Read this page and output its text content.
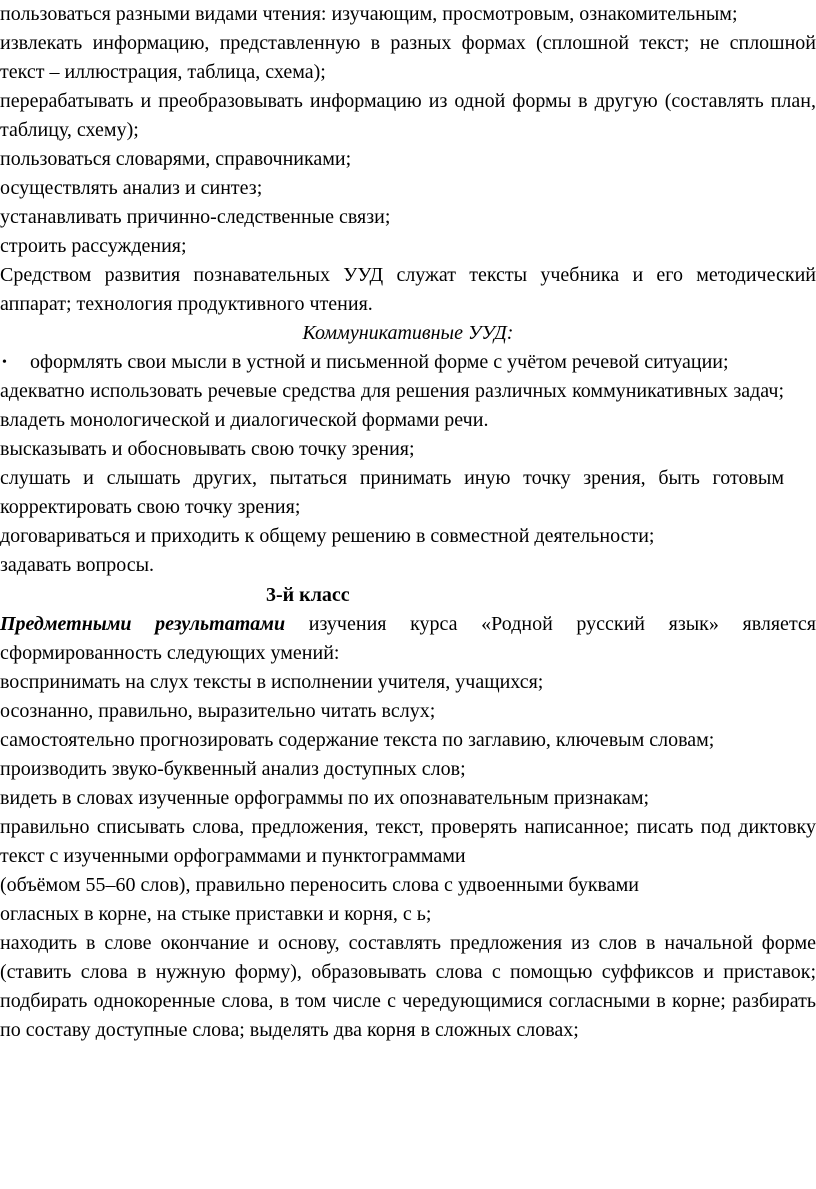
пользоваться разными видами чтения: изучающим, просмотровым, ознакомительным;

извлекать информацию, представленную в разных формах (сплошной текст; не сплошной текст – иллюстрация, таблица, схема);

перерабатывать и преобразовывать информацию из одной формы в другую (составлять план, таблицу, схему);

пользоваться словарями, справочниками;

осуществлять анализ и синтез;

устанавливать причинно-следственные связи;

строить рассуждения;

Средством развития познавательных УУД служат тексты учебника и его методический аппарат; технология продуктивного чтения.

Коммуникативные УУД:

• оформлять свои мысли в устной и письменной форме с учётом речевой ситуации;

адекватно использовать речевые средства для решения различных коммуникативных задач; владеть монологической и диалогической формами речи.

высказывать и обосновывать свою точку зрения;

слушать и слышать других, пытаться принимать иную точку зрения, быть готовым корректировать свою точку зрения;

договариваться и приходить к общему решению в совместной деятельности;

задавать вопросы.

3-й класс

Предметными результатами изучения курса «Родной русский язык» является сформированность следующих умений:

воспринимать на слух тексты в исполнении учителя, учащихся;

осознанно, правильно, выразительно читать вслух;

самостоятельно прогнозировать содержание текста по заглавию, ключевым словам;

производить звуко-буквенный анализ доступных слов;

видеть в словах изученные орфограммы по их опознавательным признакам;

правильно списывать слова, предложения, текст, проверять написанное; писать под диктовку текст с изученными орфограммами и пунктограммами

(объёмом 55–60 слов), правильно переносить слова с удвоенными буквами

огласных в корне, на стыке приставки и корня, с ь;

находить в слове окончание и основу, составлять предложения из слов в начальной форме (ставить слова в нужную форму), образовывать слова с помощью суффиксов и приставок; подбирать однокоренные слова, в том числе с чередующимися согласными в корне; разбирать по составу доступные слова; выделять два корня в сложных словах;
